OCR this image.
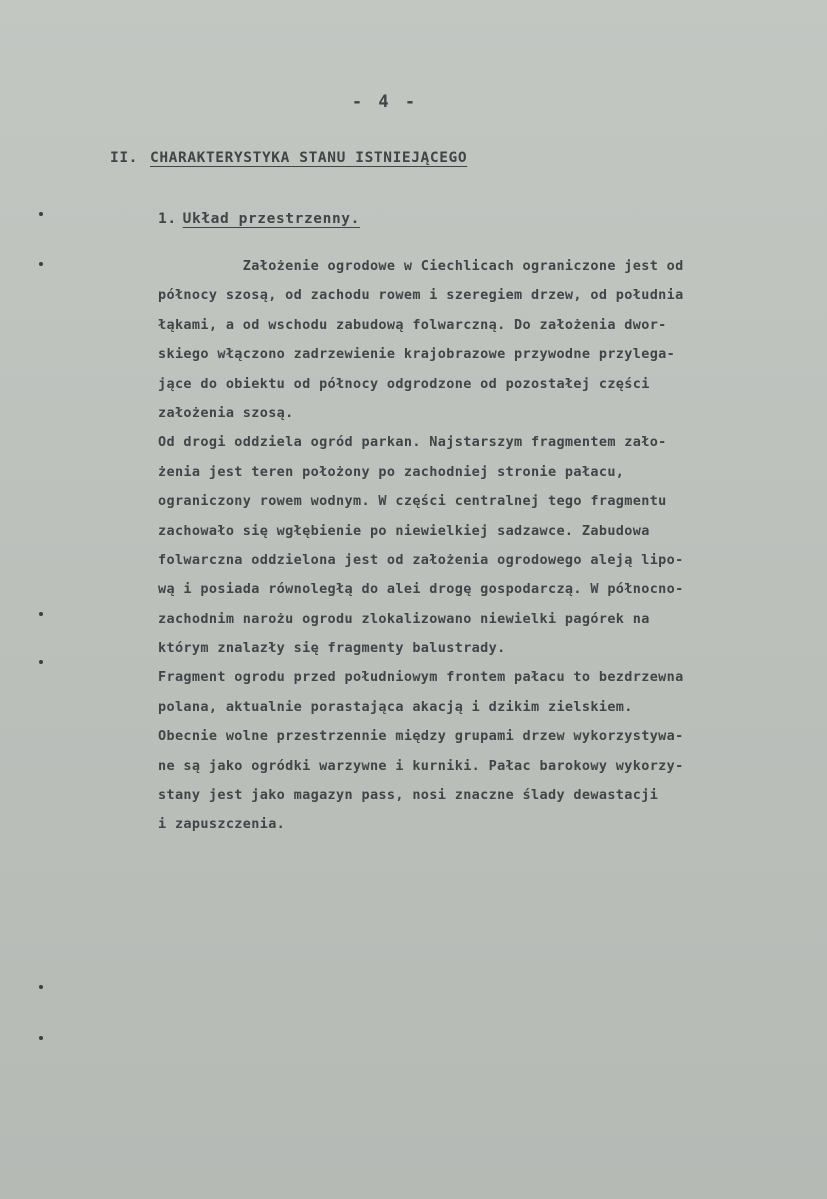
- 4 -
II. CHARAKTERYSTYKA STANU ISTNIEJĄCEGO
1. Układ przestrzenny.
Założenie ogrodowe w Ciechlicach ograniczone jest od
północy szosą, od zachodu rowem i szeregiem drzew, od południa
łąkami, a od wschodu zabudową folwarczną. Do założenia dwor-
skiego włączono zadrzewienie krajobrazowe przywodne przylega-
jące do obiektu od północy odgrodzone od pozostałej części
założenia szosą.
Od drogi oddziela ogród parkan. Najstarszym fragmentem zało-
żenia jest teren położony po zachodniej stronie pałacu,
ograniczony rowem wodnym. W części centralnej tego fragmentu
zachowało się wgłębienie po niewielkiej sadzawce. Zabudowa
folwarczna oddzielona jest od założenia ogrodowego aleją lipo-
wą i posiada równoległą do alei drogę gospodarczą. W północno-
zachodnim narożu ogrodu zlokalizowano niewielki pagórek na
którym znalazły się fragmenty balustrady.
Fragment ogrodu przed południowym frontem pałacu to bezdrzewna
polana, aktualnie porastająca akacją i dzikim zielskiem.
Obecnie wolne przestrzennie między grupami drzew wykorzystywa-
ne są jako ogródki warzywne i kurniki. Pałac barokowy wykorzy-
stany jest jako magazyn pass, nosi znaczne ślady dewastacji
i zapuszczenia.
